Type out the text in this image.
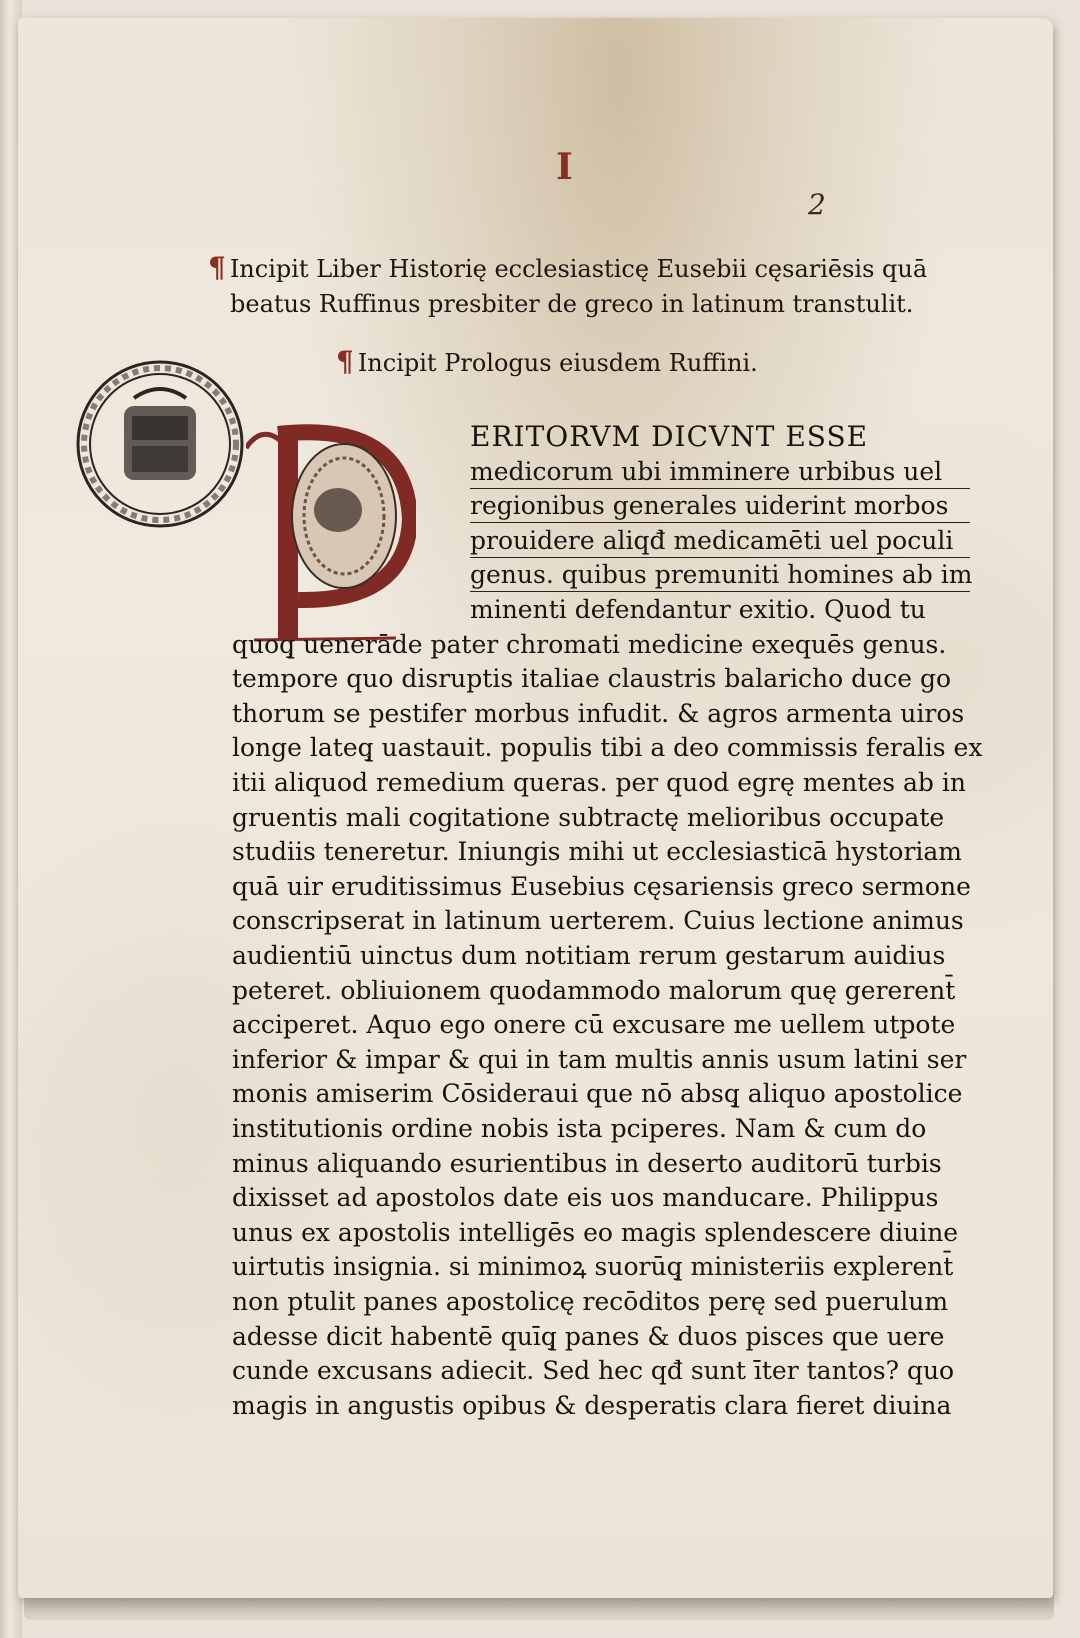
I
2
¶ Incipit Liber Historię ecclesiasticę Eusebii cęsariēsis quā
beatus Ruffinus presbiter de greco in latinum transtulit.
¶ Incipit Prologus eiusdem Ruffini.
ERITORVM DICVNT ESSE
medicorum ubi imminere urbibus uel
regionibus generales uiderint morbos
prouidere aliqđ medicamēti uel poculi
genus. quibus premuniti homines ab im
minenti defendantur exitio. Quod tu
quoq̧ uenerāde pater chromati medicine exequēs genus.
tempore quo disruptis italiae claustris balaricho duce go
thorum se pestifer morbus infudit. & agros armenta uiros
longe lateq̧ uastauit. populis tibi a deo commissis feralis ex
itii aliquod remedium queras. per quod egrę mentes ab in
gruentis mali cogitatione subtractę melioribus occupate
studiis teneretur. Iniungis mihi ut ecclesiasticā hystoriam
quā uir eruditissimus Eusebius cęsariensis greco sermone
conscripserat in latinum uerterem. Cuius lectione animus
audientiū uinctus dum notitiam rerum gestarum auidius
peteret. obliuionem quodammodo malorum quę gererent̄
acciperet. Aquo ego onere cū excusare me uellem utpote
inferior & impar & qui in tam multis annis usum latini ser
monis amiserim Cōsideraui que nō absq̧ aliquo apostolice
institutionis ordine nobis ista pciperes. Nam & cum do
minus aliquando esurientibus in deserto auditorū turbis
dixisset ad apostolos date eis uos manducare. Philippus
unus ex apostolis intelligēs eo magis splendescere diuine
uirtutis insignia. si minimoꝝ suorūq̧ ministeriis explerent̄
non ptulit panes apostolicę recōditos perę sed puerulum
adesse dicit habentē quīq̧ panes & duos pisces que uere
cunde excusans adiecit. Sed hec qđ sunt īter tantos? quo
magis in angustis opibus & desperatis clara fieret diuina
